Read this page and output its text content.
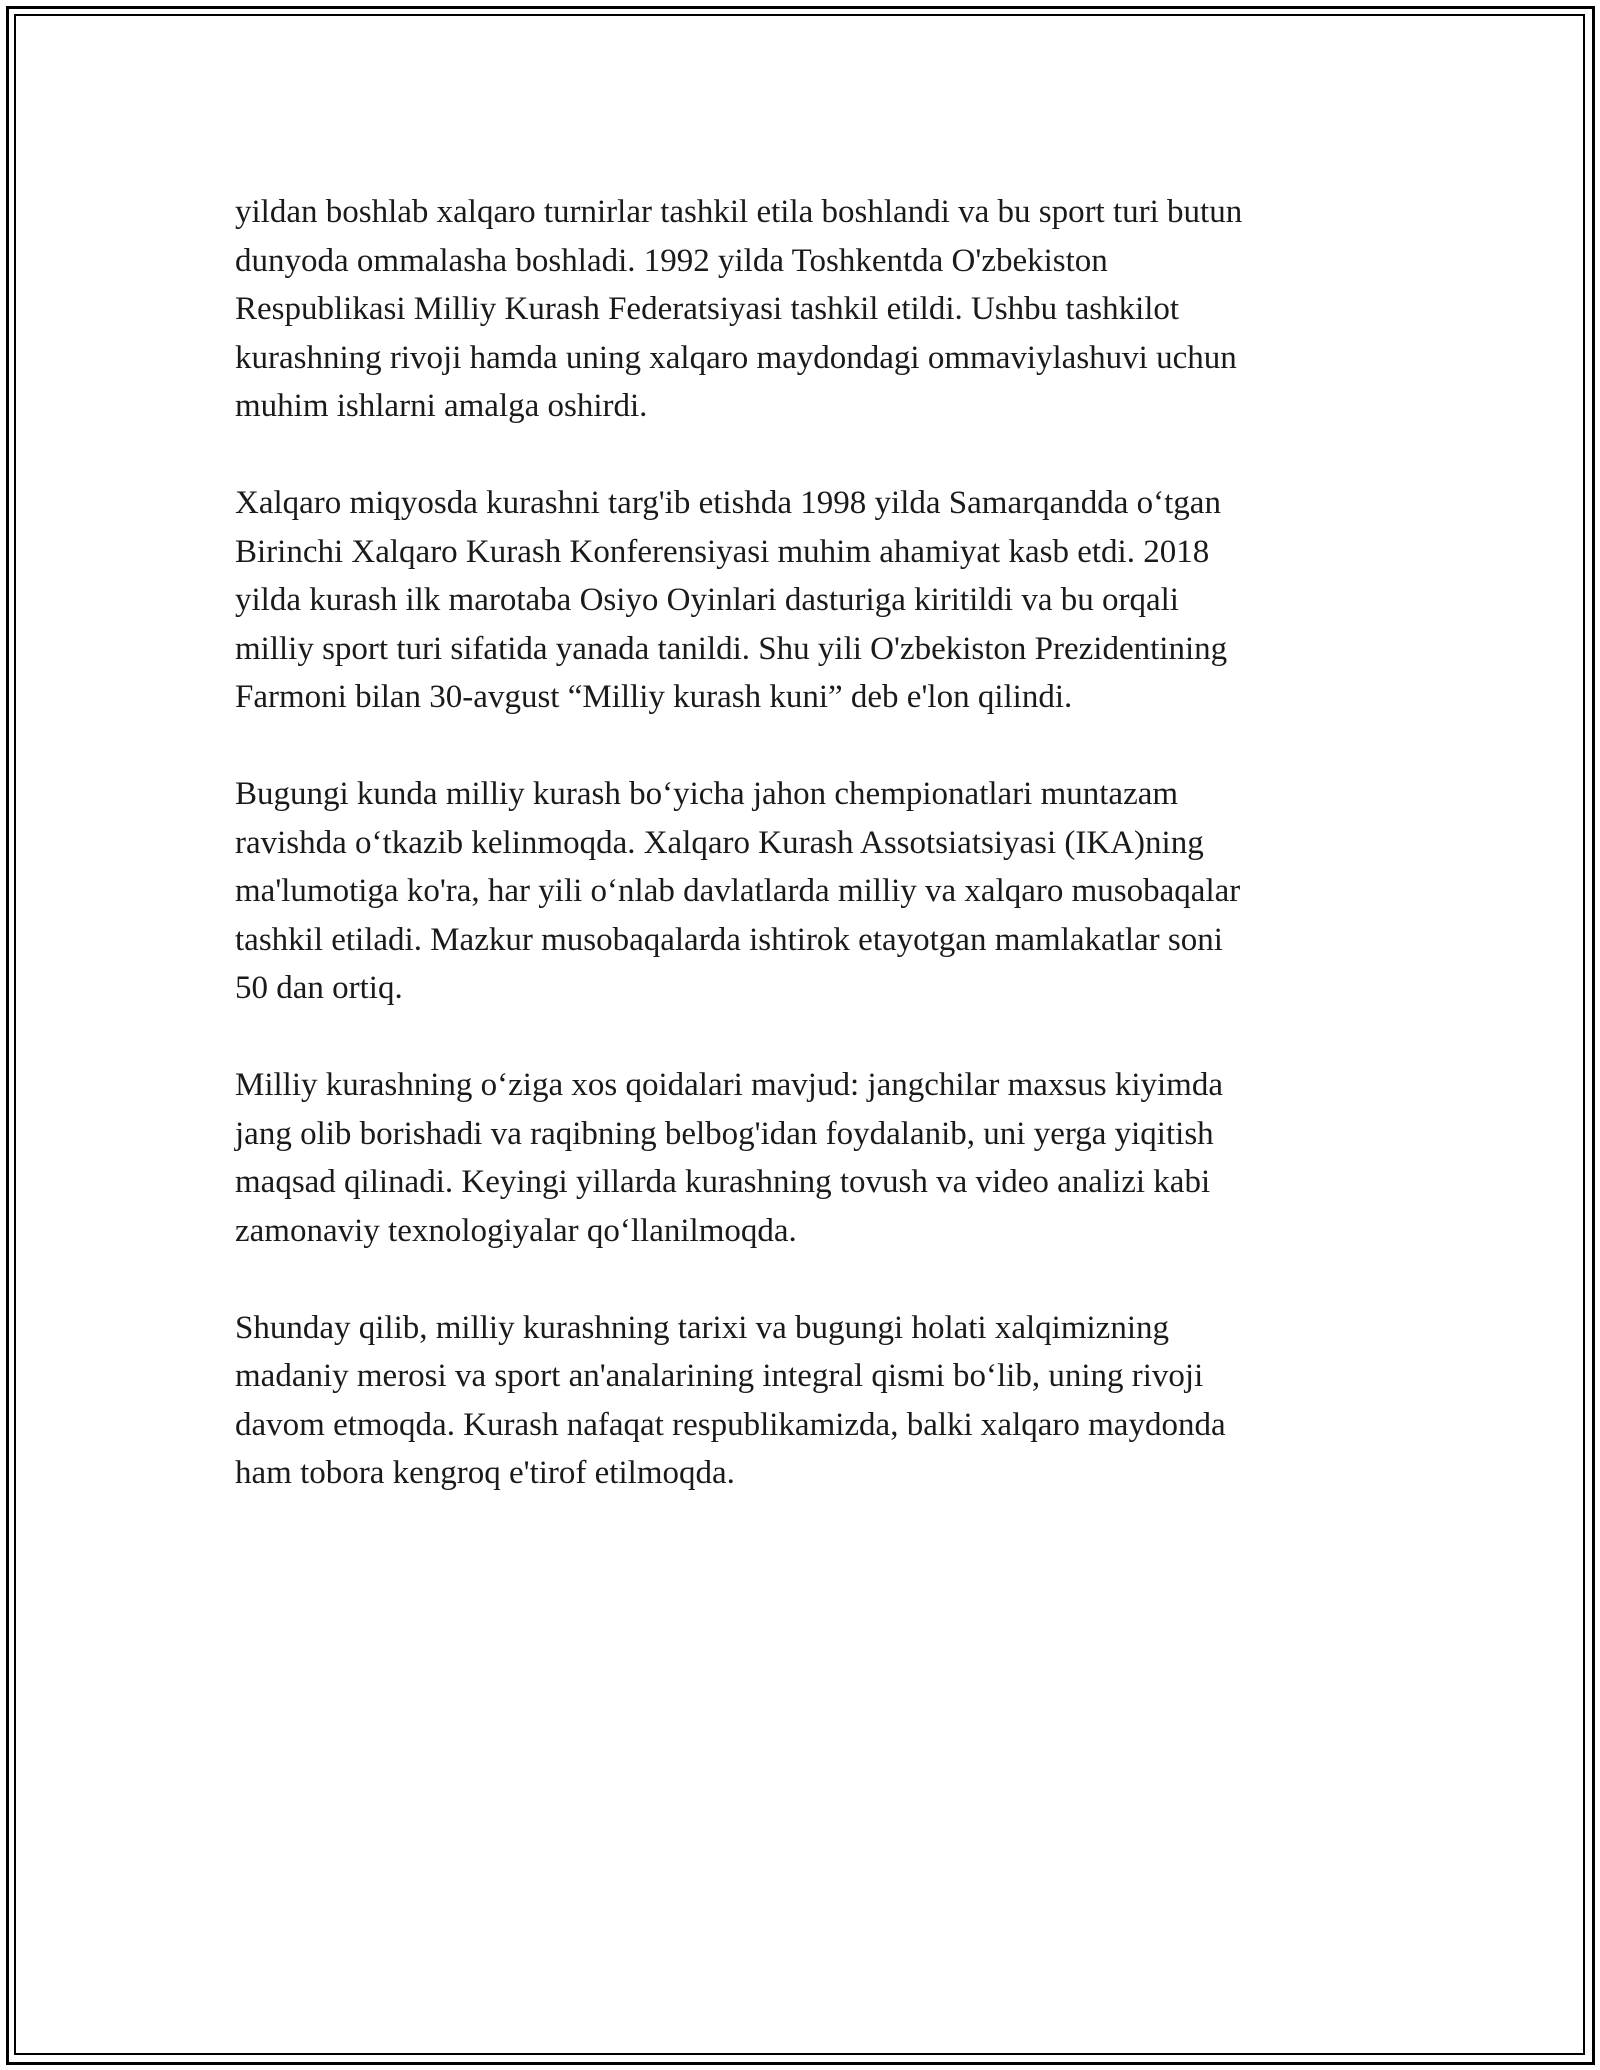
yildan boshlab xalqaro turnirlar tashkil etila boshlandi va bu sport turi butun
dunyoda ommalasha boshladi. 1992 yilda Toshkentda O'zbekiston
Respublikasi Milliy Kurash Federatsiyasi tashkil etildi. Ushbu tashkilot
kurashning rivoji hamda uning xalqaro maydondagi ommaviylashuvi uchun
muhim ishlarni amalga oshirdi.

Xalqaro miqyosda kurashni targ'ib etishda 1998 yilda Samarqandda oʻtgan
Birinchi Xalqaro Kurash Konferensiyasi muhim ahamiyat kasb etdi. 2018
yilda kurash ilk marotaba Osiyo Oyinlari dasturiga kiritildi va bu orqali
milliy sport turi sifatida yanada tanildi. Shu yili O'zbekiston Prezidentining
Farmoni bilan 30-avgust “Milliy kurash kuni” deb e'lon qilindi.

Bugungi kunda milliy kurash boʻyicha jahon chempionatlari muntazam
ravishda oʻtkazib kelinmoqda. Xalqaro Kurash Assotsiatsiyasi (IKA)ning
ma'lumotiga ko'ra, har yili oʻnlab davlatlarda milliy va xalqaro musobaqalar
tashkil etiladi. Mazkur musobaqalarda ishtirok etayotgan mamlakatlar soni
50 dan ortiq.

Milliy kurashning oʻziga xos qoidalari mavjud: jangchilar maxsus kiyimda
jang olib borishadi va raqibning belbog'idan foydalanib, uni yerga yiqitish
maqsad qilinadi. Keyingi yillarda kurashning tovush va video analizi kabi
zamonaviy texnologiyalar qoʻllanilmoqda.

Shunday qilib, milliy kurashning tarixi va bugungi holati xalqimizning
madaniy merosi va sport an'analarining integral qismi boʻlib, uning rivoji
davom etmoqda. Kurash nafaqat respublikamizda, balki xalqaro maydonda
ham tobora kengroq e'tirof etilmoqda.
